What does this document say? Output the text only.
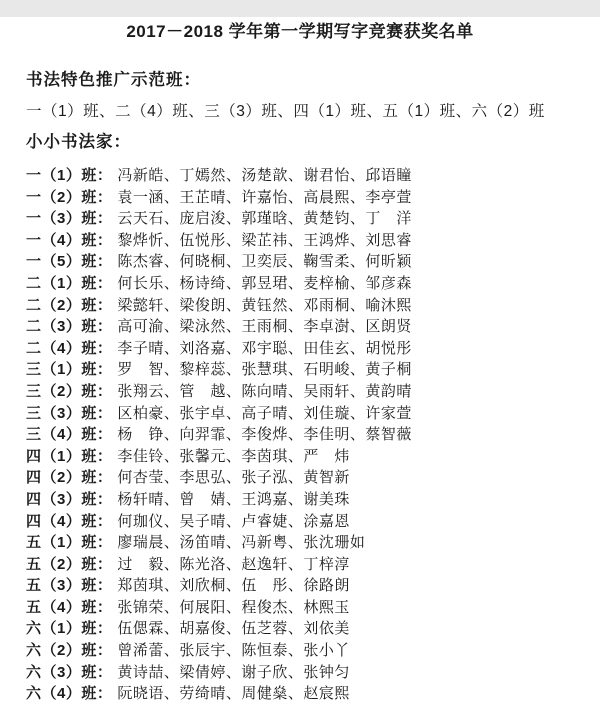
2017－2018 学年第一学期写字竞赛获奖名单
书法特色推广示范班：
一（1）班、二（4）班、三（3）班、四（1）班、五（1）班、六（2）班
小小书法家：
一（1）班： 冯新皓、丁嫣然、汤楚歆、谢君怡、邱语瞳
一（2）班： 袁一涵、王芷晴、许嘉怡、高晨熙、李亭萱
一（3）班： 云天石、庞启浚、郭瑾晗、黄楚钧、丁　洋
一（4）班： 黎烨忻、伍悦彤、梁芷祎、王鸿烨、刘思睿
一（5）班： 陈杰睿、何晓桐、卫奕辰、鞠雪柔、何昕颖
二（1）班： 何长乐、杨诗绮、郭昱珺、麦梓榆、邹彦森
二（2）班： 梁懿轩、梁俊朗、黄钰然、邓雨桐、喻沐熙
二（3）班： 高可渝、梁泳然、王雨桐、李卓澍、区朗贤
二（4）班： 李子晴、刘洛嘉、邓宇聪、田佳玄、胡悦彤
三（1）班： 罗　智、黎梓蕊、张慧琪、石明峻、黄子桐
三（2）班： 张翔云、管　越、陈向晴、吴雨轩、黄韵晴
三（3）班： 区柏豪、张宇卓、高子晴、刘佳璇、许家萱
三（4）班： 杨　铮、向羿霏、李俊烨、李佳明、蔡智薇
四（1）班： 李佳铃、张馨元、李茵琪、严　炜
四（2）班： 何杏莹、李思弘、张子泓、黄智新
四（3）班： 杨轩晴、曾　婧、王鸿嘉、谢美珠
四（4）班： 何珈仪、吴子晴、卢睿婕、涂嘉恩
五（1）班： 廖瑞晨、汤笛晴、冯新粤、张沈珊如
五（2）班： 过　毅、陈光洛、赵逸轩、丁梓淳
五（3）班： 郑茵琪、刘欣桐、伍　彤、徐路朗
五（4）班： 张锦荣、何展阳、程俊杰、林熙玉
六（1）班： 伍偲霖、胡嘉俊、伍芝蓉、刘依美
六（2）班： 曾浠蕾、张辰宇、陈恒泰、张小丫
六（3）班： 黄诗喆、梁倩婷、谢子欣、张钟匀
六（4）班： 阮晓语、劳绮晴、周健燊、赵宸熙
